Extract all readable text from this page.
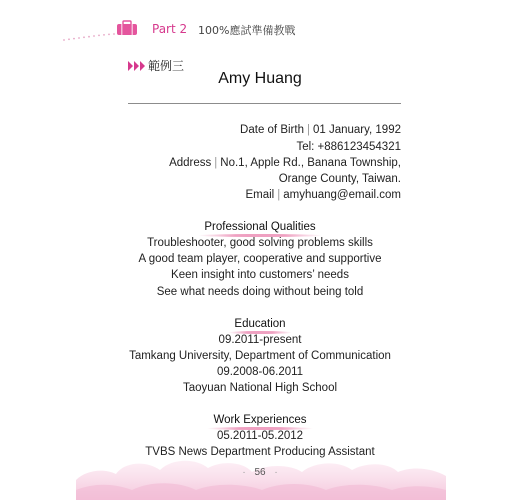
Part 2 100%應試準備教戰
範例三
Amy Huang
Date of Birth | 01 January, 1992
Tel: +886123454321
Address | No.1, Apple Rd., Banana Township,
Orange County, Taiwan.
Email | amyhuang@email.com
Professional Qualities
Troubleshooter, good solving problems skills
A good team player, cooperative and supportive
Keen insight into customers’ needs
See what needs doing without being told
Education
09.2011-present
Tamkang University, Department of Communication
09.2008-06.2011
Taoyuan National High School
Work Experiences
05.2011-05.2012
TVBS News Department Producing Assistant
· 56 ·
